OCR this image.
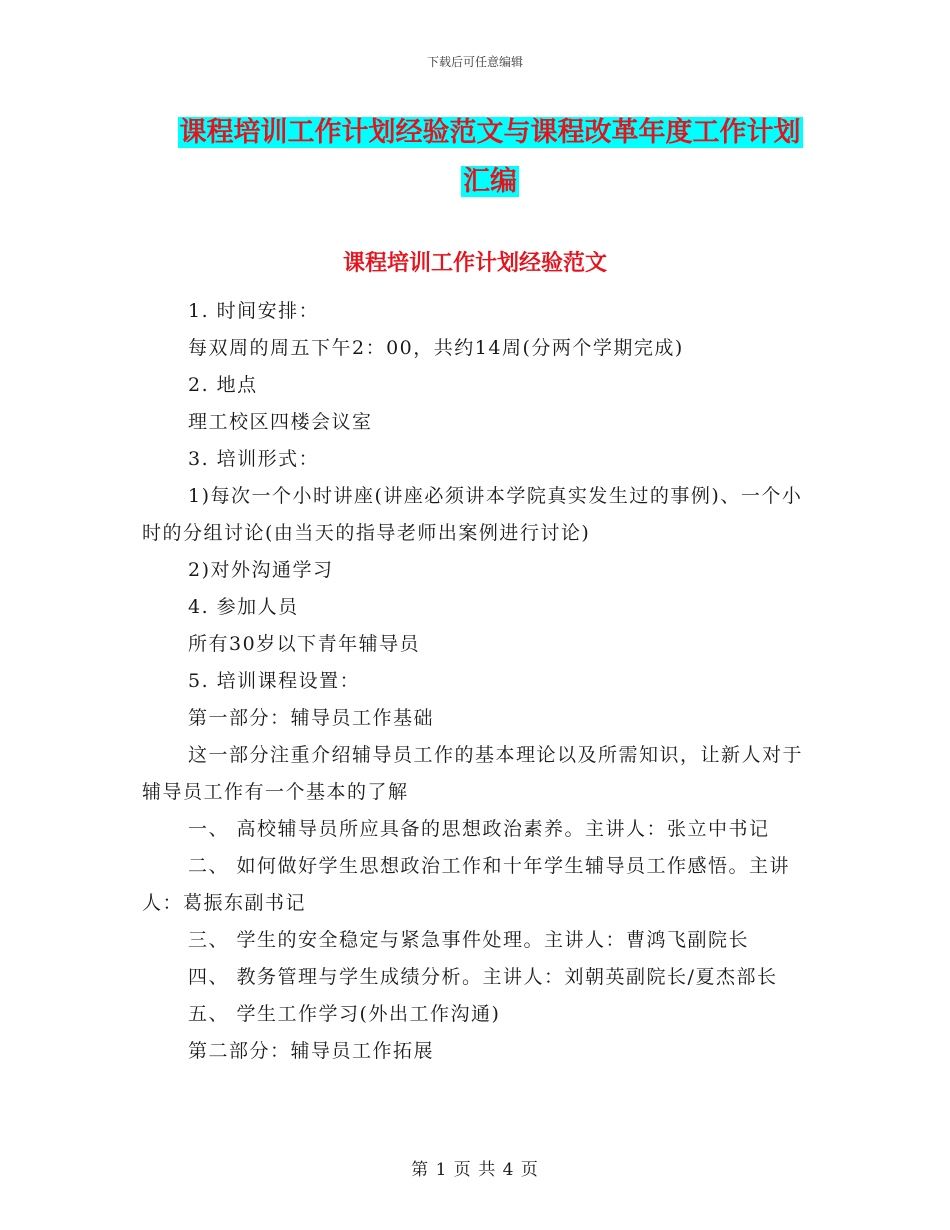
下载后可任意编辑
课程培训工作计划经验范文与课程改革年度工作计划
汇编
课程培训工作计划经验范文

1. 时间安排：

每双周的周五下午2：00，共约14周(分两个学期完成)

2. 地点

理工校区四楼会议室

3. 培训形式：

1)每次一个小时讲座(讲座必须讲本学院真实发生过的事例)、一个小时的分组讨论(由当天的指导老师出案例进行讨论)

2)对外沟通学习

4. 参加人员

所有30岁以下青年辅导员

5. 培训课程设置：

第一部分：辅导员工作基础

这一部分注重介绍辅导员工作的基本理论以及所需知识，让新人对于辅导员工作有一个基本的了解

一、 高校辅导员所应具备的思想政治素养。主讲人：张立中书记

二、 如何做好学生思想政治工作和十年学生辅导员工作感悟。主讲人：葛振东副书记

三、 学生的安全稳定与紧急事件处理。主讲人：曹鸿飞副院长

四、 教务管理与学生成绩分析。主讲人：刘朝英副院长/夏杰部长

五、 学生工作学习(外出工作沟通)

第二部分：辅导员工作拓展

第 1 页 共 4 页
